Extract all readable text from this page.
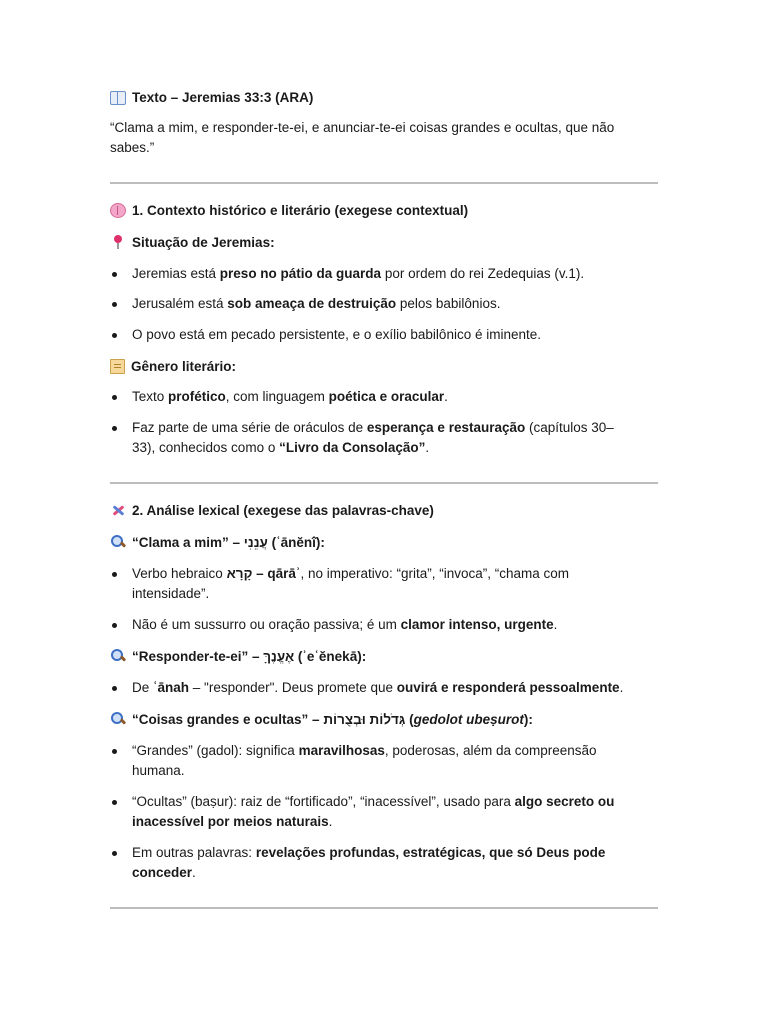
Texto – Jeremias 33:3 (ARA)
“Clama a mim, e responder-te-ei, e anunciar-te-ei coisas grandes e ocultas, que não sabes.”
1. Contexto histórico e literário (exegese contextual)
Situação de Jeremias:
Jeremias está preso no pátio da guarda por ordem do rei Zedequias (v.1).
Jerusalém está sob ameaça de destruição pelos babilônios.
O povo está em pecado persistente, e o exílio babilônico é iminente.
Gênero literário:
Texto profético, com linguagem poética e oracular.
Faz parte de uma série de oráculos de esperança e restauração (capítulos 30–33), conhecidos como o “Livro da Consolação”.
2. Análise lexical (exegese das palavras-chave)
“Clama a mim” – עֲנֵנִי (ʿānĕnî):
Verbo hebraico קָרָא – qārāʾ, no imperativo: “grita”, “invoca”, “chama com intensidade”.
Não é um sussurro ou oração passiva; é um clamor intenso, urgente.
“Responder-te-ei” – אֶעֱנֶךָּ (ʾeʿĕnekā):
De ʿānah – "responder". Deus promete que ouvirá e responderá pessoalmente.
“Coisas grandes e ocultas” – גְּדֹלוֹת וּבְצֻרוֹת (gedolot ubeṣurot):
“Grandes” (gadol): significa maravilhosas, poderosas, além da compreensão humana.
“Ocultas” (baṣur): raiz de “fortificado”, “inacessível”, usado para algo secreto ou inacessível por meios naturais.
Em outras palavras: revelações profundas, estratégicas, que só Deus pode conceder.
